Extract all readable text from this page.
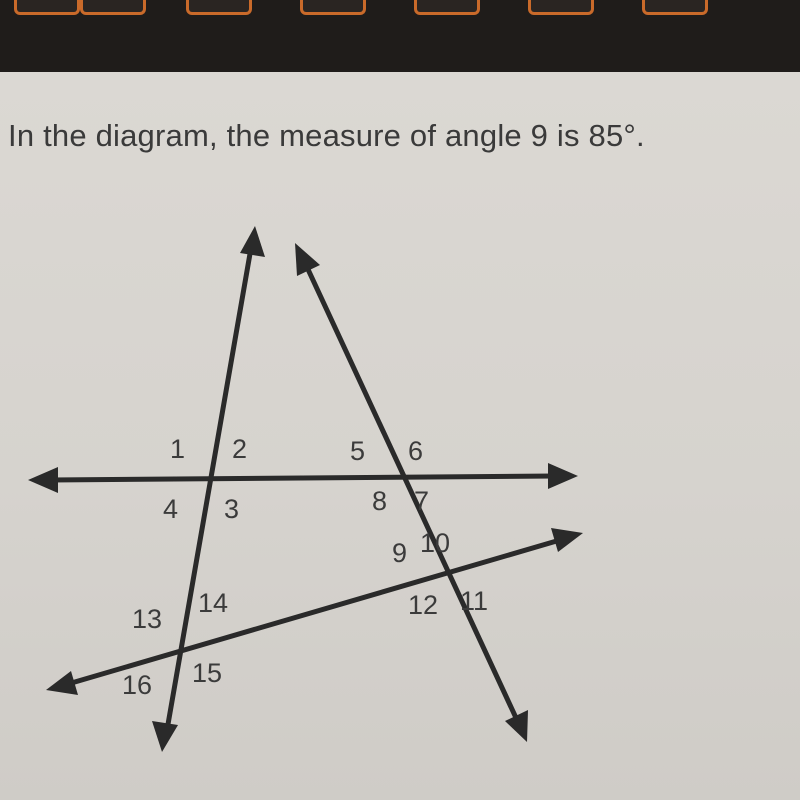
In the diagram, the measure of angle 9 is 85°.

1 2
3
4
5 6
7
8
9 10
11
12
13
14
15
16
